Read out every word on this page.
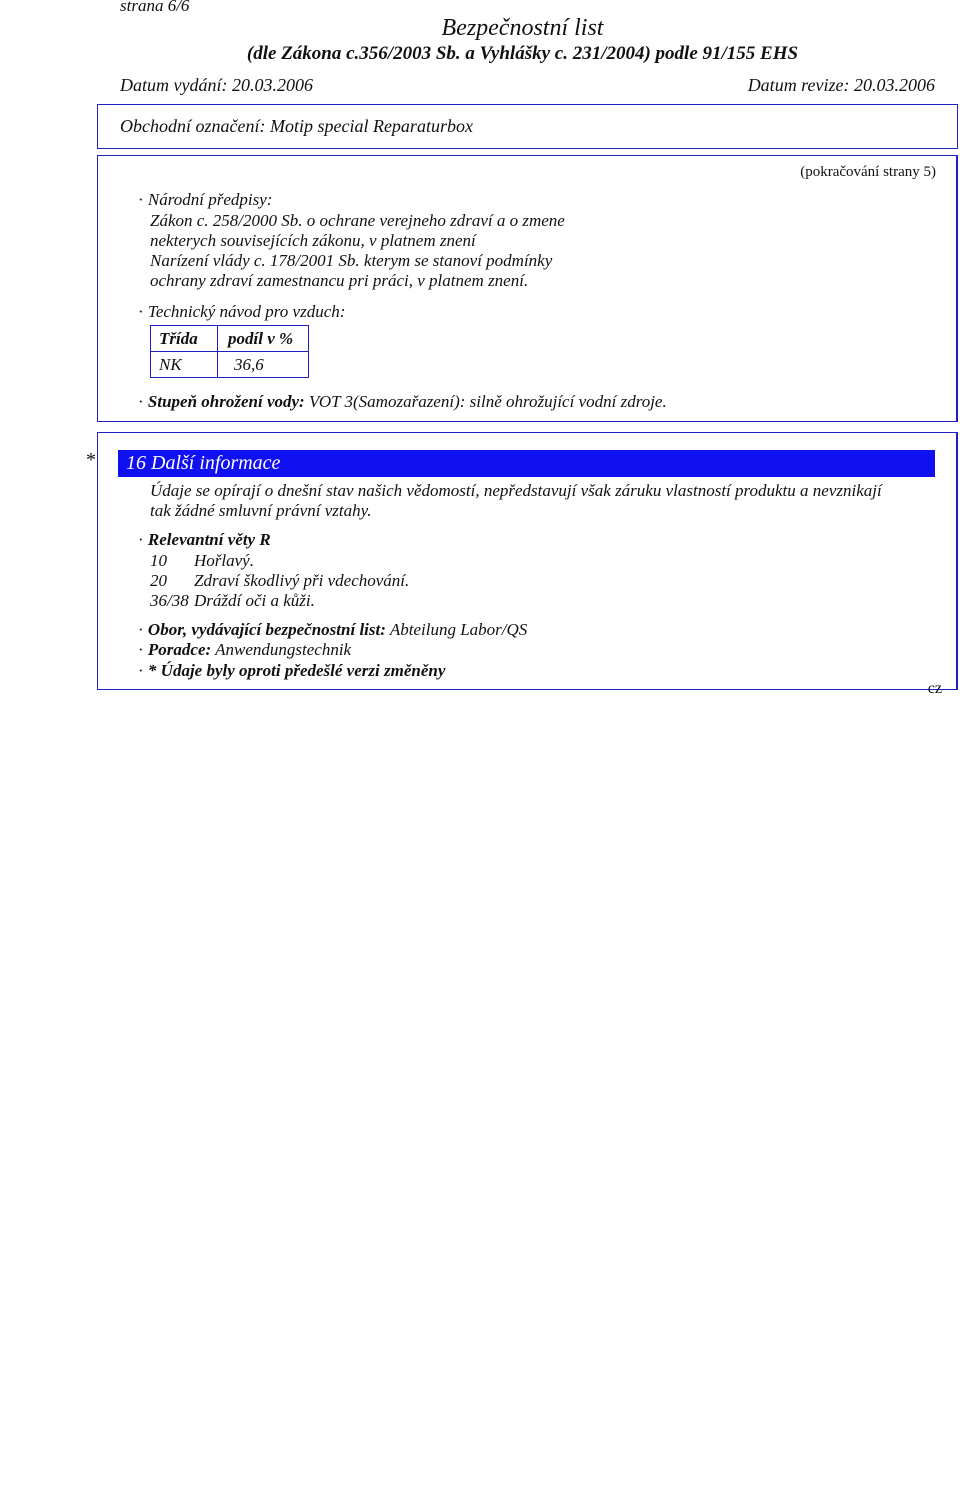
strana 6/6
Bezpečnostní list
(dle Zákona c.356/2003 Sb. a Vyhlášky c. 231/2004) podle 91/155 EHS
Datum vydání: 20.03.2006	Datum revize: 20.03.2006
Obchodní označení: Motip special Reparaturbox
(pokračování strany 5)
· Národní předpisy:
Zákon c. 258/2000 Sb. o ochrane verejneho zdraví a o zmene
nekterych souvisejících zákonu, v platnem znení
Narízení vlády c. 178/2001 Sb. kterym se stanoví podmínky
ochrany zdraví zamestnancu pri práci, v platnem znení.
· Technický návod pro vzduch:
Třída	podíl v %
NK	36,6
· Stupeň ohrožení vody: VOT 3(Samozařazení): silně ohrožující vodní zdroje.
*	16 Další informace
Údaje se opírají o dnešní stav našich vědomostí, nepředstavují však záruku vlastností produktu a nevznikají
tak žádné smluvní právní vztahy.
· Relevantní věty R
10 Hořlavý.
20 Zdraví škodlivý při vdechování.
36/38 Dráždí oči a kůži.
· Obor, vydávající bezpečnostní list: Abteilung Labor/QS
· Poradce: Anwendungstechnik
· * Údaje byly oproti předešlé verzi změněny
cz
